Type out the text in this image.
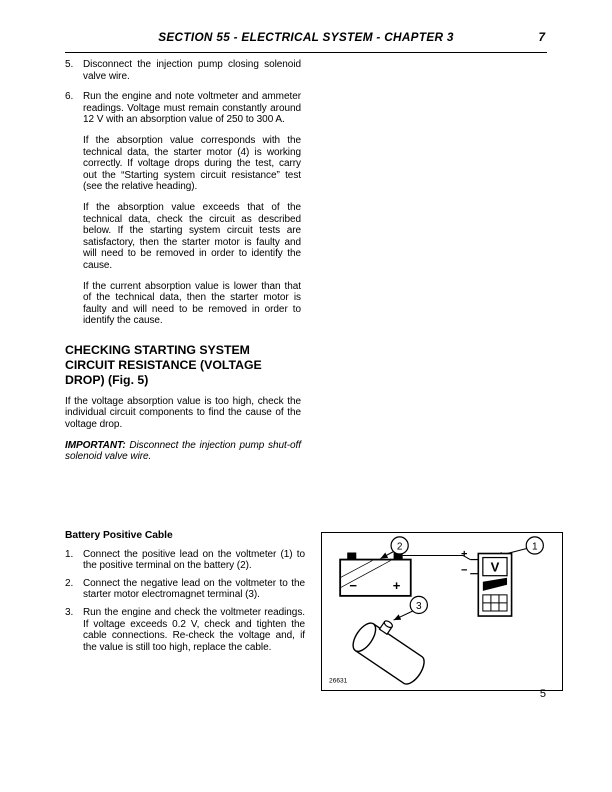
SECTION 55 - ELECTRICAL SYSTEM - CHAPTER 3	7
5. Disconnect the injection pump closing solenoid valve wire.
6. Run the engine and note voltmeter and ammeter readings. Voltage must remain constantly around 12 V with an absorption value of 250 to 300 A.

If the absorption value corresponds with the technical data, the starter motor (4) is working correctly. If voltage drops during the test, carry out the “Starting system circuit resistance” test (see the relative heading).

If the absorption value exceeds that of the technical data, check the circuit as described below. If the starting system circuit tests are satisfactory, then the starter motor is faulty and will need to be removed in order to identify the cause.

If the current absorption value is lower than that of the technical data, then the starter motor is faulty and will need to be removed in order to identify the cause.

CHECKING STARTING SYSTEM CIRCUIT RESISTANCE (VOLTAGE DROP) (Fig. 5)

If the voltage absorption value is too high, check the individual circuit components to find the cause of the voltage drop.

IMPORTANT: Disconnect the injection pump shut-off solenoid valve wire.

Battery Positive Cable
1. Connect the positive lead on the voltmeter (1) to the positive terminal on the battery (2).
2. Connect the negative lead on the voltmeter to the starter motor electromagnet terminal (3).
3. Run the engine and check the voltmeter readings. If voltage exceeds 0.2 V, check and tighten the cable connections. Re-check the voltage and, if the value is still too high, replace the cable.
−	+
2	1
+
− V
3
26631
5
